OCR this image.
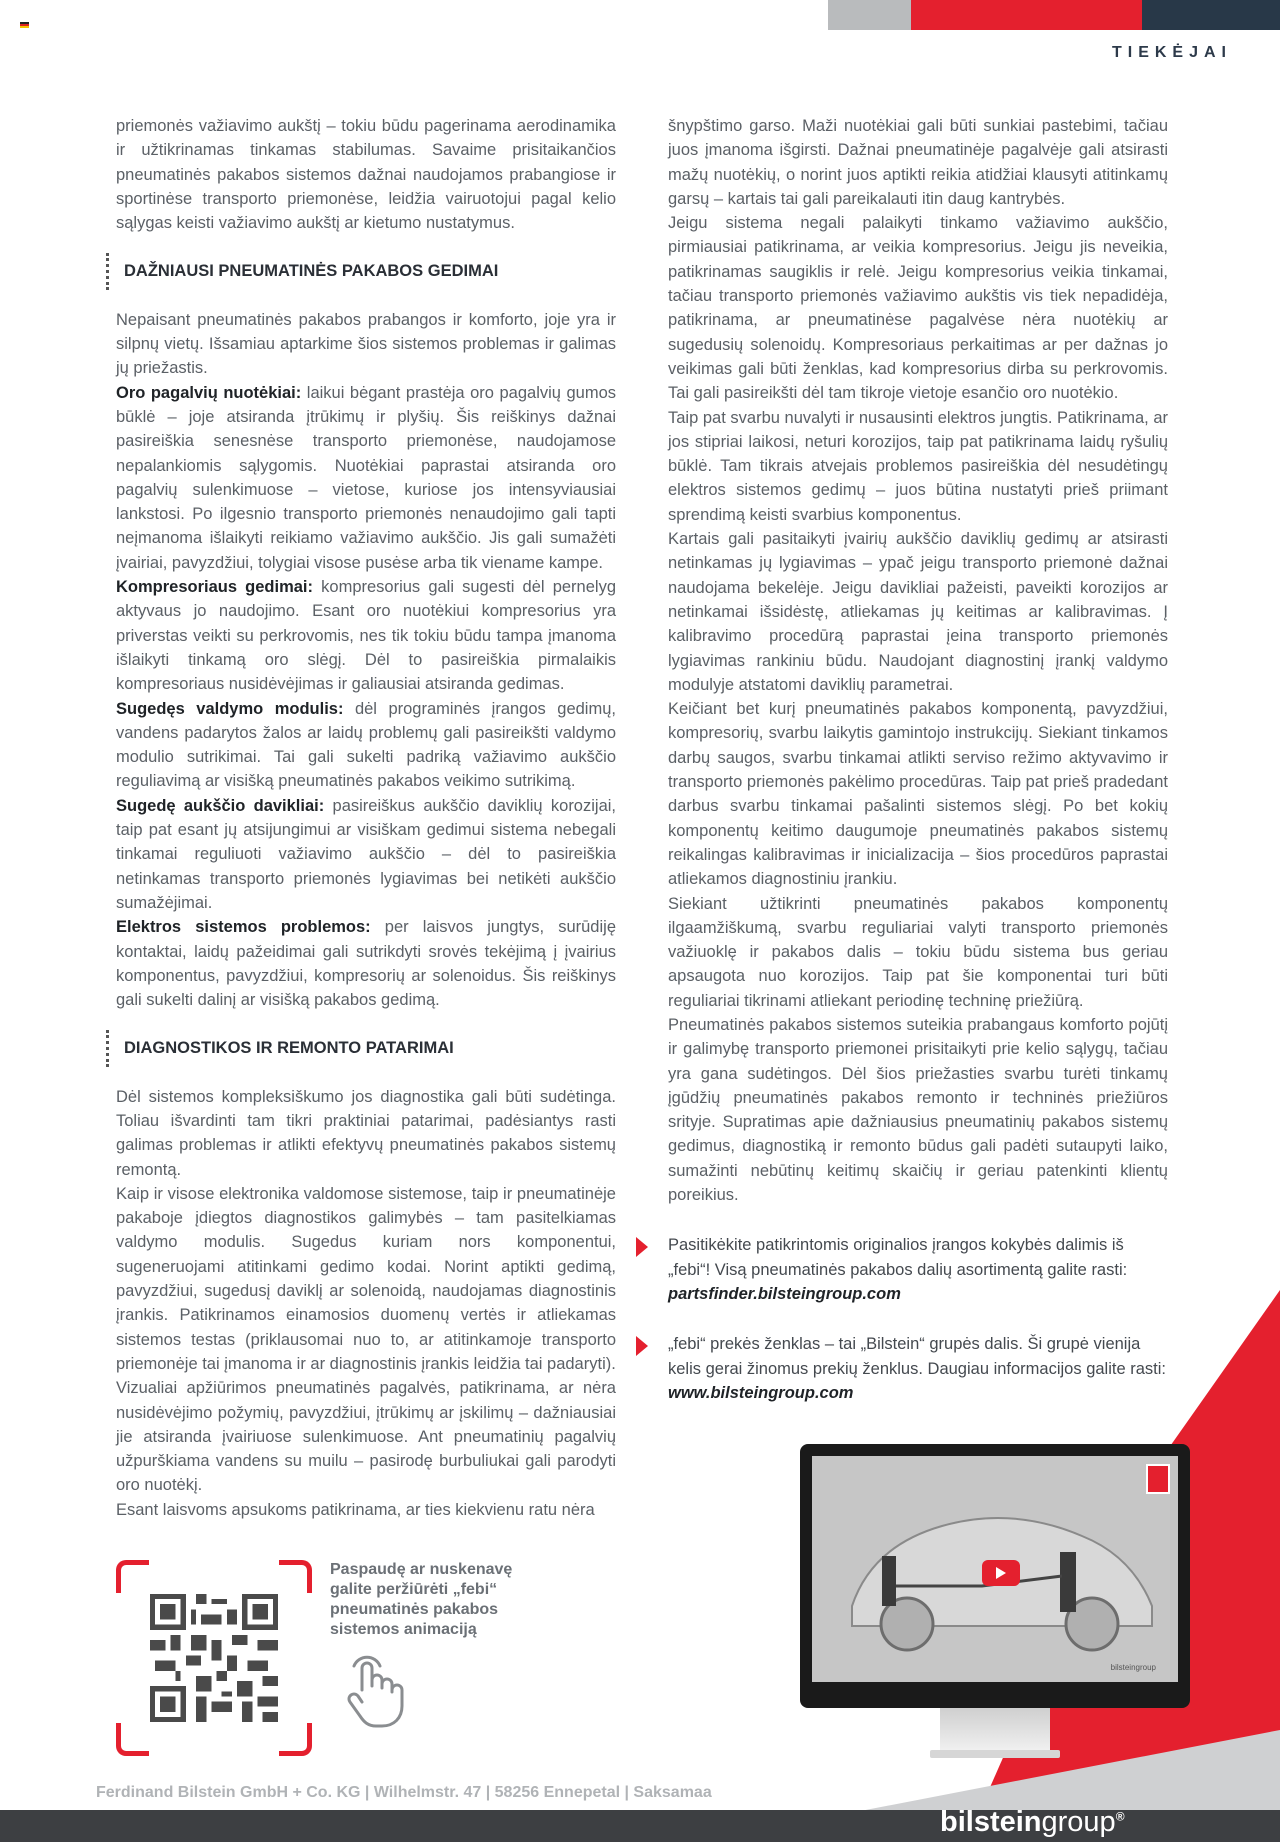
TIEKĖJAI

priemonės važiavimo aukštį – tokiu būdu pagerinama aerodinamika ir užtikrinamas tinkamas stabilumas. Savaime prisitaikančios pneumatinės pakabos sistemos dažnai naudojamos prabangiose ir sportinėse transporto priemonėse, leidžia vairuotojui pagal kelio sąlygas keisti važiavimo aukštį ar kietumo nustatymus.

DAŽNIAUSI PNEUMATINĖS PAKABOS GEDIMAI

Nepaisant pneumatinės pakabos prabangos ir komforto, joje yra ir silpnų vietų. Išsamiau aptarkime šios sistemos problemas ir galimas jų priežastis.

Oro pagalvių nuotėkiai: laikui bėgant prastėja oro pagalvių gumos būklė – joje atsiranda įtrūkimų ir plyšių. Šis reiškinys dažnai pasireiškia senesnėse transporto priemonėse, naudojamose nepalankiomis sąlygomis. Nuotėkiai paprastai atsiranda oro pagalvių sulenkimuose – vietose, kuriose jos intensyviausiai lankstosi. Po ilgesnio transporto priemonės nenaudojimo gali tapti neįmanoma išlaikyti reikiamo važiavimo aukščio. Jis gali sumažėti įvairiai, pavyzdžiui, tolygiai visose pusėse arba tik viename kampe.

Kompresoriaus gedimai: kompresorius gali sugesti dėl pernelyg aktyvaus jo naudojimo. Esant oro nuotėkiui kompresorius yra priverstas veikti su perkrovomis, nes tik tokiu būdu tampa įmanoma išlaikyti tinkamą oro slėgį. Dėl to pasireiškia pirmalaikis kompresoriaus nusidėvėjimas ir galiausiai atsiranda gedimas.

Sugedęs valdymo modulis: dėl programinės įrangos gedimų, vandens padarytos žalos ar laidų problemų gali pasireikšti valdymo modulio sutrikimai. Tai gali sukelti padriką važiavimo aukščio reguliavimą ar visišką pneumatinės pakabos veikimo sutrikimą.

Sugedę aukščio davikliai: pasireiškus aukščio daviklių korozijai, taip pat esant jų atsijungimui ar visiškam gedimui sistema nebegali tinkamai reguliuoti važiavimo aukščio – dėl to pasireiškia netinkamas transporto priemonės lygiavimas bei netikėti aukščio sumažėjimai.

Elektros sistemos problemos: per laisvos jungtys, surūdiję kontaktai, laidų pažeidimai gali sutrikdyti srovės tekėjimą į įvairius komponentus, pavyzdžiui, kompresorių ar solenoidus. Šis reiškinys gali sukelti dalinį ar visišką pakabos gedimą.

DIAGNOSTIKOS IR REMONTO PATARIMAI

Dėl sistemos kompleksiškumo jos diagnostika gali būti sudėtinga. Toliau išvardinti tam tikri praktiniai patarimai, padėsiantys rasti galimas problemas ir atlikti efektyvų pneumatinės pakabos sistemų remontą.

Kaip ir visose elektronika valdomose sistemose, taip ir pneumatinėje pakaboje įdiegtos diagnostikos galimybės – tam pasitelkiamas valdymo modulis. Sugedus kuriam nors komponentui, sugeneruojami atitinkami gedimo kodai. Norint aptikti gedimą, pavyzdžiui, sugedusį daviklį ar solenoidą, naudojamas diagnostinis įrankis. Patikrinamos einamosios duomenų vertės ir atliekamas sistemos testas (priklausomai nuo to, ar atitinkamoje transporto priemonėje tai įmanoma ir ar diagnostinis įrankis leidžia tai padaryti).

Vizualiai apžiūrimos pneumatinės pagalvės, patikrinama, ar nėra nusidėvėjimo požymių, pavyzdžiui, įtrūkimų ar įskilimų – dažniausiai jie atsiranda įvairiuose sulenkimuose. Ant pneumatinių pagalvių užpurškiama vandens su muilu – pasirodę burbuliukai gali parodyti oro nuotėkį.

Esant laisvoms apsukoms patikrinama, ar ties kiekvienu ratu nėra

šnypštimo garso. Maži nuotėkiai gali būti sunkiai pastebimi, tačiau juos įmanoma išgirsti. Dažnai pneumatinėje pagalvėje gali atsirasti mažų nuotėkių, o norint juos aptikti reikia atidžiai klausyti atitinkamų garsų – kartais tai gali pareikalauti itin daug kantrybės.

Jeigu sistema negali palaikyti tinkamo važiavimo aukščio, pirmiausiai patikrinama, ar veikia kompresorius. Jeigu jis neveikia, patikrinamas saugiklis ir relė. Jeigu kompresorius veikia tinkamai, tačiau transporto priemonės važiavimo aukštis vis tiek nepadidėja, patikrinama, ar pneumatinėse pagalvėse nėra nuotėkių ar sugedusių solenoidų. Kompresoriaus perkaitimas ar per dažnas jo veikimas gali būti ženklas, kad kompresorius dirba su perkrovomis. Tai gali pasireikšti dėl tam tikroje vietoje esančio oro nuotėkio.

Taip pat svarbu nuvalyti ir nusausinti elektros jungtis. Patikrinama, ar jos stipriai laikosi, neturi korozijos, taip pat patikrinama laidų ryšulių būklė. Tam tikrais atvejais problemos pasireiškia dėl nesudėtingų elektros sistemos gedimų – juos būtina nustatyti prieš priimant sprendimą keisti svarbius komponentus.

Kartais gali pasitaikyti įvairių aukščio daviklių gedimų ar atsirasti netinkamas jų lygiavimas – ypač jeigu transporto priemonė dažnai naudojama bekelėje. Jeigu davikliai pažeisti, paveikti korozijos ar netinkamai išsidėstę, atliekamas jų keitimas ar kalibravimas. Į kalibravimo procedūrą paprastai įeina transporto priemonės lygiavimas rankiniu būdu. Naudojant diagnostinį įrankį valdymo modulyje atstatomi daviklių parametrai.

Keičiant bet kurį pneumatinės pakabos komponentą, pavyzdžiui, kompresorių, svarbu laikytis gamintojo instrukcijų. Siekiant tinkamos darbų saugos, svarbu tinkamai atlikti serviso režimo aktyvavimo ir transporto priemonės pakėlimo procedūras. Taip pat prieš pradedant darbus svarbu tinkamai pašalinti sistemos slėgį. Po bet kokių komponentų keitimo daugumoje pneumatinės pakabos sistemų reikalingas kalibravimas ir inicializacija – šios procedūros paprastai atliekamos diagnostiniu įrankiu.

Siekiant užtikrinti pneumatinės pakabos komponentų ilgaamžiškumą, svarbu reguliariai valyti transporto priemonės važiuoklę ir pakabos dalis – tokiu būdu sistema bus geriau apsaugota nuo korozijos. Taip pat šie komponentai turi būti reguliariai tikrinami atliekant periodinę techninę priežiūrą.

Pneumatinės pakabos sistemos suteikia prabangaus komforto pojūtį ir galimybę transporto priemonei prisitaikyti prie kelio sąlygų, tačiau yra gana sudėtingos. Dėl šios priežasties svarbu turėti tinkamų įgūdžių pneumatinės pakabos remonto ir techninės priežiūros srityje. Supratimas apie dažniausius pneumatinių pakabos sistemų gedimus, diagnostiką ir remonto būdus gali padėti sutaupyti laiko, sumažinti nebūtinų keitimų skaičių ir geriau patenkinti klientų poreikius.

Pasitikėkite patikrintomis originalios įrangos kokybės dalimis iš „febi“! Visą pneumatinės pakabos dalių asortimentą galite rasti: partsfinder.bilsteingroup.com

„febi“ prekės ženklas – tai „Bilstein“ grupės dalis. Ši grupė vienija kelis gerai žinomus prekių ženklus. Daugiau informacijos galite rasti: www.bilsteingroup.com

Paspaudę ar nuskenavę galite peržiūrėti „febi“ pneumatinės pakabos sistemos animaciją
bilsteingroup
Ferdinand Bilstein GmbH + Co. KG | Wilhelmstr. 47 | 58256 Ennepetal | Saksamaa
bilsteingroup®
